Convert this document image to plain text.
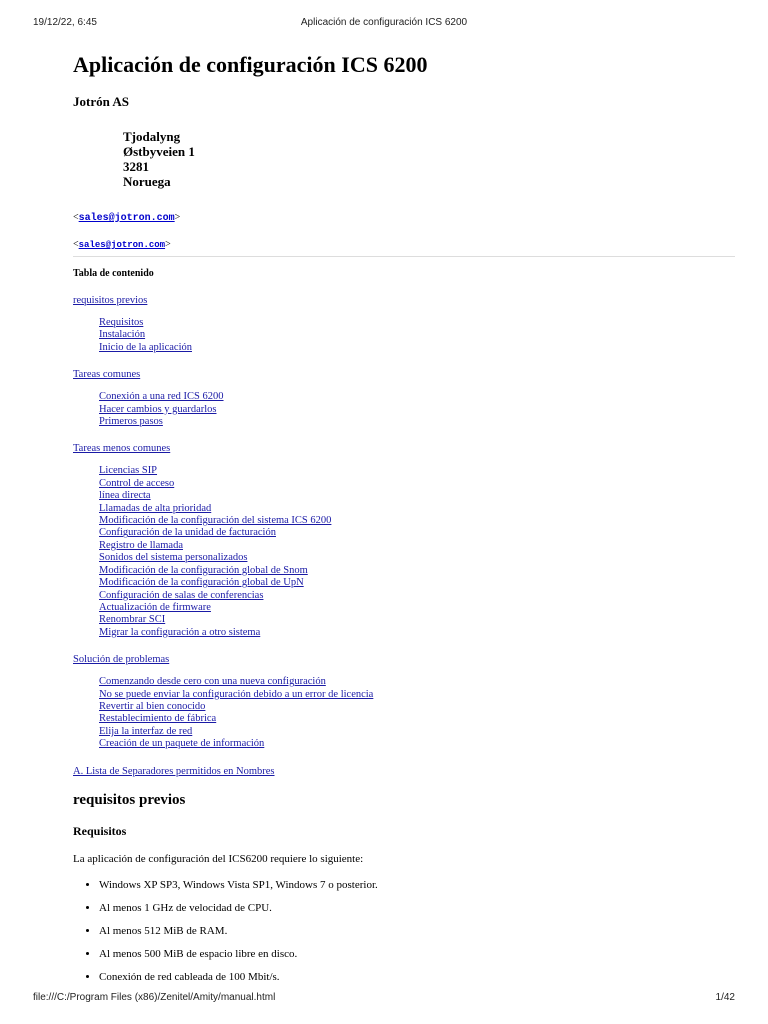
19/12/22, 6:45	Aplicación de configuración ICS 6200
Aplicación de configuración ICS 6200
Jotrón AS
Tjodalyng
Østbyveien 1
3281
Noruega
<sales@jotron.com>
<sales@jotron.com>
Tabla de contenido
requisitos previos
Requisitos
Instalación
Inicio de la aplicación
Tareas comunes
Conexión a una red ICS 6200
Hacer cambios y guardarlos
Primeros pasos
Tareas menos comunes
Licencias SIP
Control de acceso
línea directa
Llamadas de alta prioridad
Modificación de la configuración del sistema ICS 6200
Configuración de la unidad de facturación
Registro de llamada
Sonidos del sistema personalizados
Modificación de la configuración global de Snom
Modificación de la configuración global de UpN
Configuración de salas de conferencias
Actualización de firmware
Renombrar SCI
Migrar la configuración a otro sistema
Solución de problemas
Comenzando desde cero con una nueva configuración
No se puede enviar la configuración debido a un error de licencia
Revertir al bien conocido
Restablecimiento de fábrica
Elija la interfaz de red
Creación de un paquete de información
A. Lista de Separadores permitidos en Nombres
requisitos previos
Requisitos

La aplicación de configuración del ICS6200 requiere lo siguiente:

• Windows XP SP3, Windows Vista SP1, Windows 7 o posterior.
• Al menos 1 GHz de velocidad de CPU.
• Al menos 512 MiB de RAM.
• Al menos 500 MiB de espacio libre en disco.
• Conexión de red cableada de 100 Mbit/s.
file:///C:/Program Files (x86)/Zenitel/Amity/manual.html	1/42
